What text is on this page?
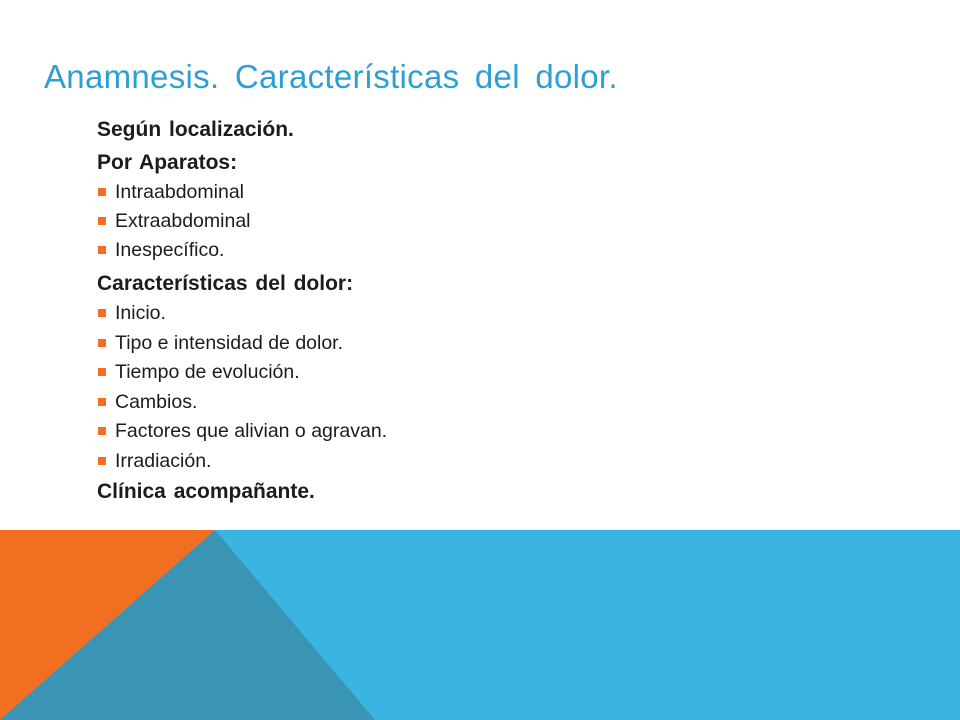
Anamnesis. Características del dolor.
Según localización.
Por Aparatos:
Intraabdominal
Extraabdominal
Inespecífico.
Características del dolor:
Inicio.
Tipo e intensidad de dolor.
Tiempo de evolución.
Cambios.
Factores que alivian o agravan.
Irradiación.
Clínica acompañante.
